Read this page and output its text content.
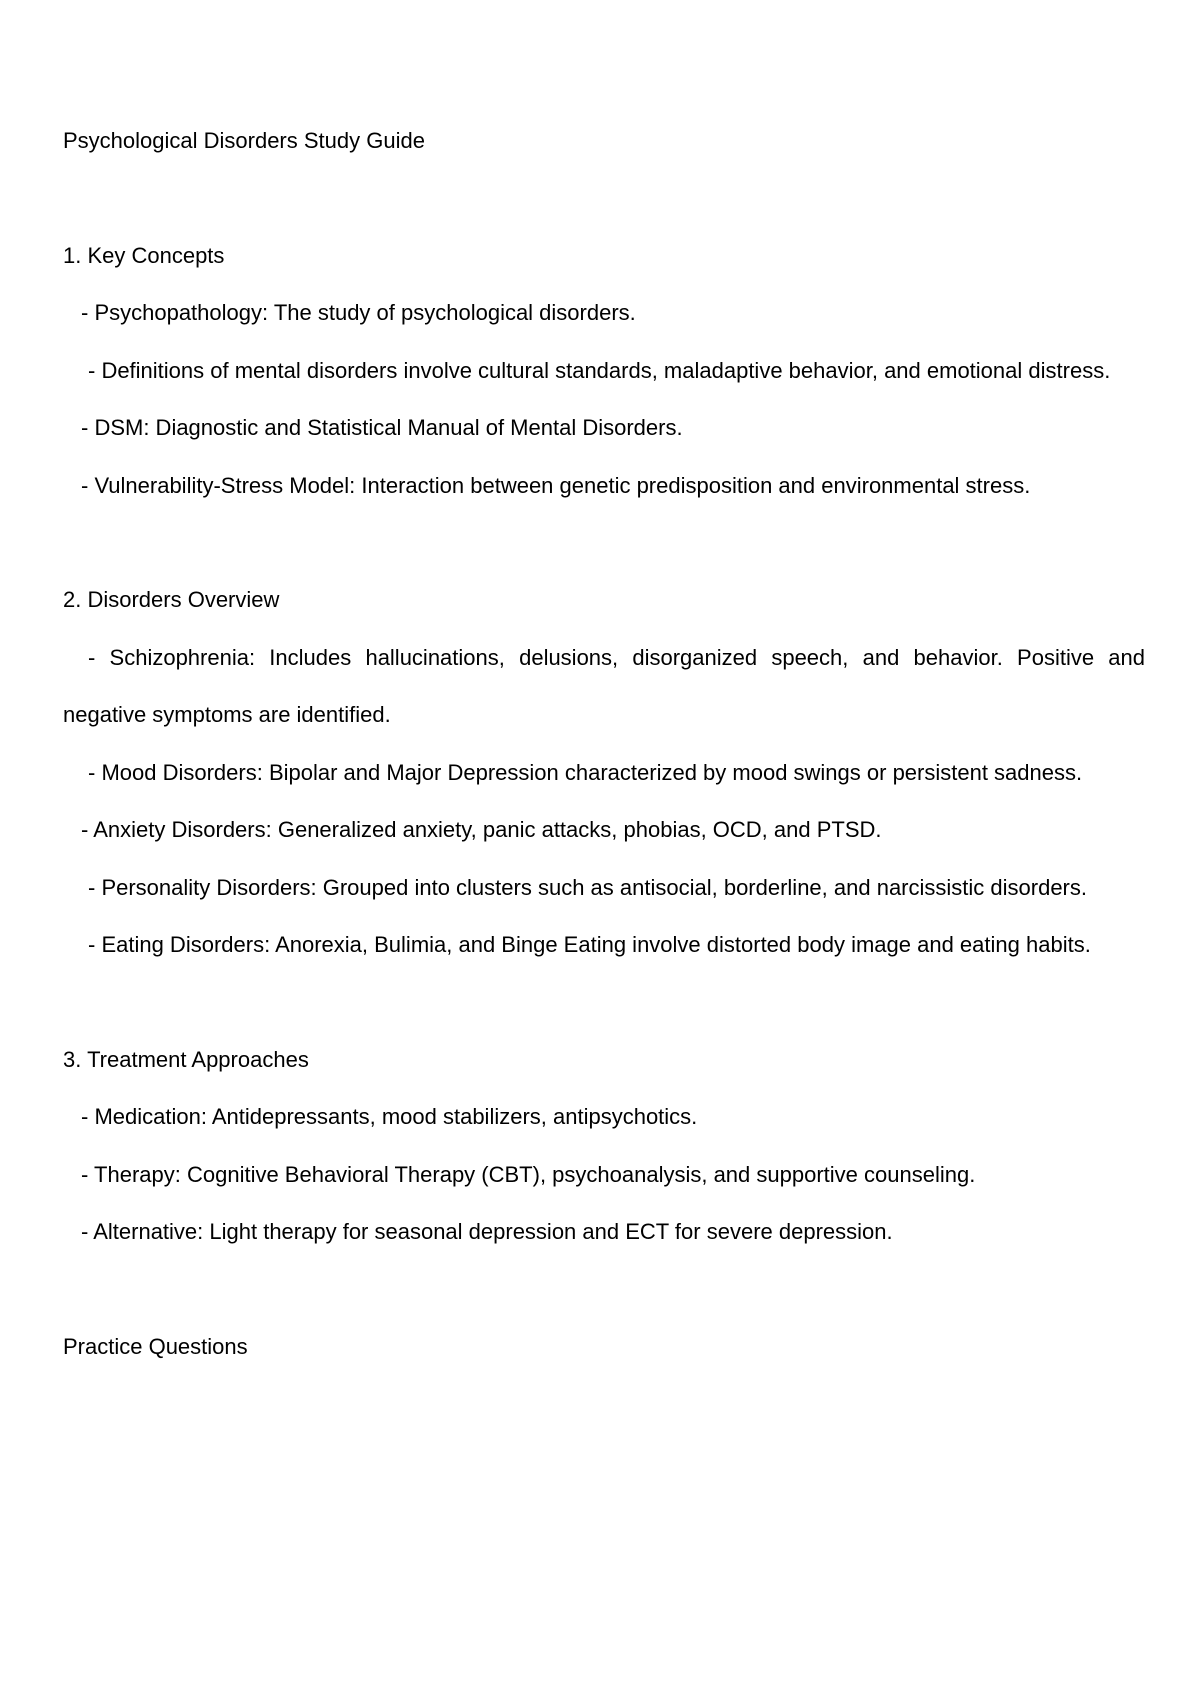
Psychological Disorders Study Guide
1. Key Concepts

- Psychopathology: The study of psychological disorders.

- Definitions of mental disorders involve cultural standards, maladaptive behavior, and emotional distress.

- DSM: Diagnostic and Statistical Manual of Mental Disorders.

- Vulnerability-Stress Model: Interaction between genetic predisposition and environmental stress.

2. Disorders Overview

- Schizophrenia: Includes hallucinations, delusions, disorganized speech, and behavior. Positive and negative symptoms are identified.

- Mood Disorders: Bipolar and Major Depression characterized by mood swings or persistent sadness.

- Anxiety Disorders: Generalized anxiety, panic attacks, phobias, OCD, and PTSD.

- Personality Disorders: Grouped into clusters such as antisocial, borderline, and narcissistic disorders.

- Eating Disorders: Anorexia, Bulimia, and Binge Eating involve distorted body image and eating habits.

3. Treatment Approaches

- Medication: Antidepressants, mood stabilizers, antipsychotics.

- Therapy: Cognitive Behavioral Therapy (CBT), psychoanalysis, and supportive counseling.

- Alternative: Light therapy for seasonal depression and ECT for severe depression.

Practice Questions
